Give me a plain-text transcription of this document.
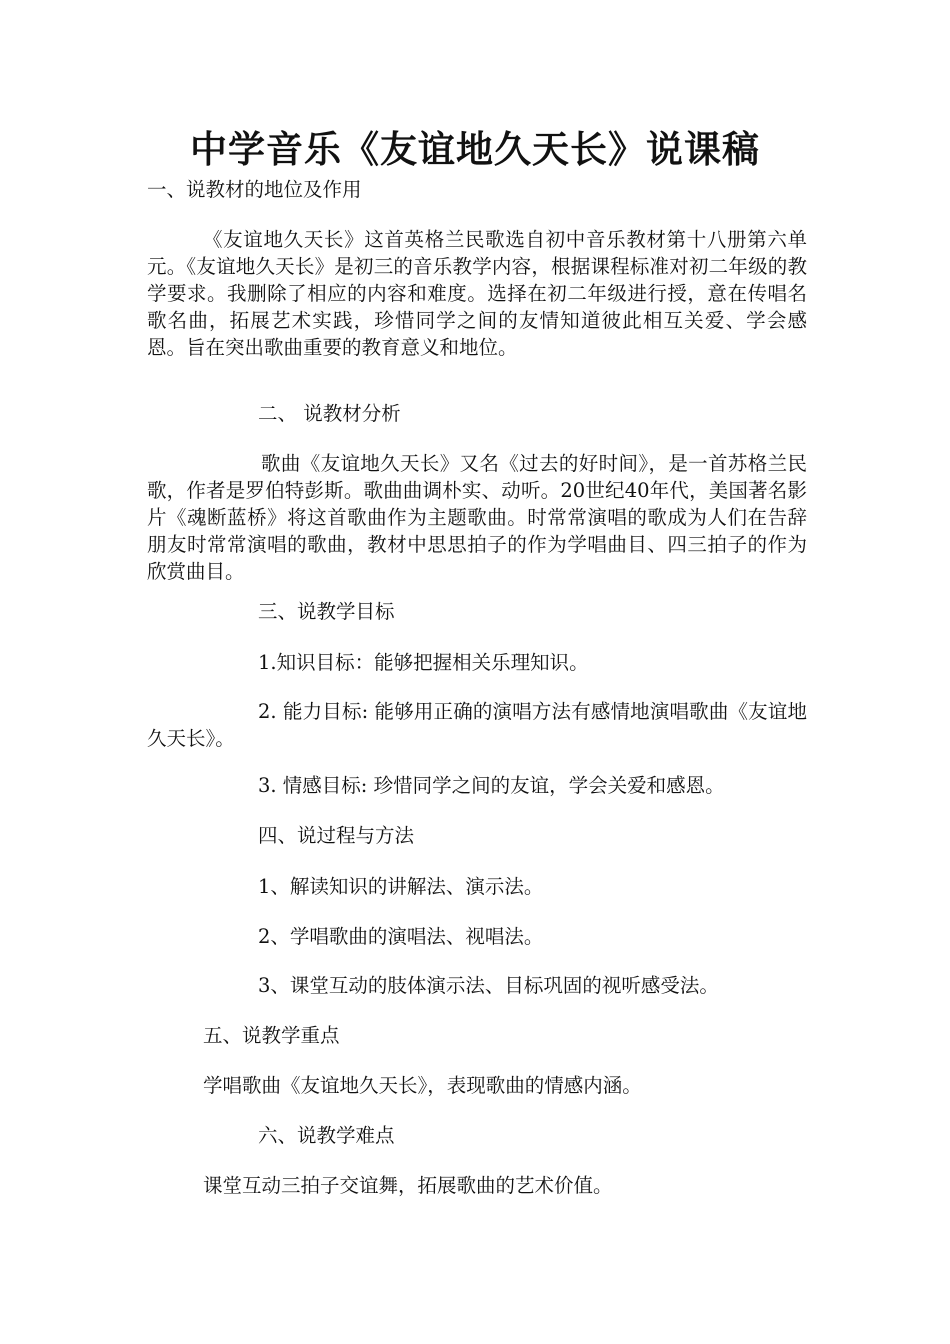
中学音乐《友谊地久天长》说课稿
一、说教材的地位及作用
《友谊地久天长》这首英格兰民歌选自初中音乐教材第十八册第六单元。《友谊地久天长》是初三的音乐教学内容，根据课程标准对初二年级的教学要求。我删除了相应的内容和难度。选择在初二年级进行授，意在传唱名歌名曲，拓展艺术实践，珍惜同学之间的友情知道彼此相互关爱、学会感恩。旨在突出歌曲重要的教育意义和地位。
二、 说教材分析
歌曲《友谊地久天长》又名《过去的好时间》，是一首苏格兰民歌，作者是罗伯特彭斯。歌曲曲调朴实、动听。20世纪40年代，美国著名影片《魂断蓝桥》将这首歌曲作为主题歌曲。时常常演唱的歌成为人们在告辞朋友时常常演唱的歌曲，教材中思思拍子的作为学唱曲目、四三拍子的作为欣赏曲目。
三、说教学目标
1.知识目标：能够把握相关乐理知识。
2. 能力目标: 能够用正确的演唱方法有感情地演唱歌曲《友谊地久天长》。
3. 情感目标: 珍惜同学之间的友谊，学会关爱和感恩。
四、说过程与方法
1、解读知识的讲解法、演示法。
2、学唱歌曲的演唱法、视唱法。
3、课堂互动的肢体演示法、目标巩固的视听感受法。
五、说教学重点
学唱歌曲《友谊地久天长》，表现歌曲的情感内涵。
六、说教学难点
课堂互动三拍子交谊舞，拓展歌曲的艺术价值。
